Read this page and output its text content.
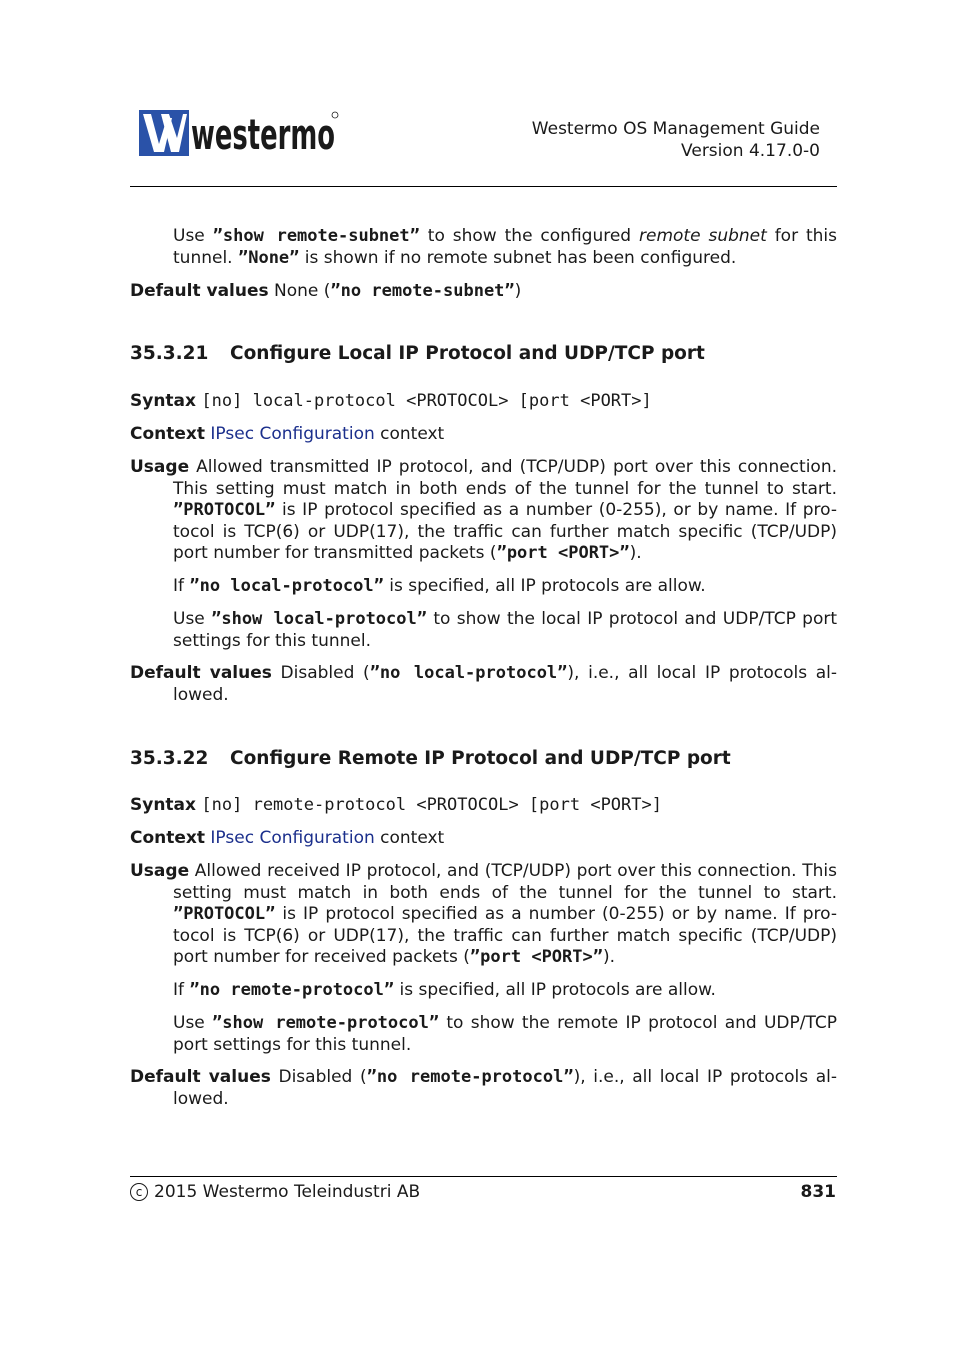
westermo	Westermo OS Management Guide
Version 4.17.0-0
Use ”show remote-subnet” to show the configured remote subnet for this tunnel. ”None” is shown if no remote subnet has been configured.
Default values None (”no remote-subnet”)
35.3.21 Configure Local IP Protocol and UDP/TCP port
Syntax [no] local-protocol <PROTOCOL> [port <PORT>]
Context IPsec Configuration context
Usage Allowed transmitted IP protocol, and (TCP/UDP) port over this connection. This setting must match in both ends of the tunnel for the tunnel to start. ”PROTOCOL” is IP protocol specified as a number (0-255), or by name. If pro-tocol is TCP(6) or UDP(17), the traffic can further match specific (TCP/UDP) port number for transmitted packets (”port <PORT>”).
If ”no local-protocol” is specified, all IP protocols are allow.
Use ”show local-protocol” to show the local IP protocol and UDP/TCP port settings for this tunnel.
Default values Disabled (”no local-protocol”), i.e., all local IP protocols al-lowed.
35.3.22 Configure Remote IP Protocol and UDP/TCP port
Syntax [no] remote-protocol <PROTOCOL> [port <PORT>]
Context IPsec Configuration context
Usage Allowed received IP protocol, and (TCP/UDP) port over this connection. This setting must match in both ends of the tunnel for the tunnel to start. ”PROTOCOL” is IP protocol specified as a number (0-255) or by name. If pro-tocol is TCP(6) or UDP(17), the traffic can further match specific (TCP/UDP) port number for received packets (”port <PORT>”).
If ”no remote-protocol” is specified, all IP protocols are allow.
Use ”show remote-protocol” to show the remote IP protocol and UDP/TCP port settings for this tunnel.
Default values Disabled (”no remote-protocol”), i.e., all local IP protocols al-lowed.
c 2015 Westermo Teleindustri AB	831
